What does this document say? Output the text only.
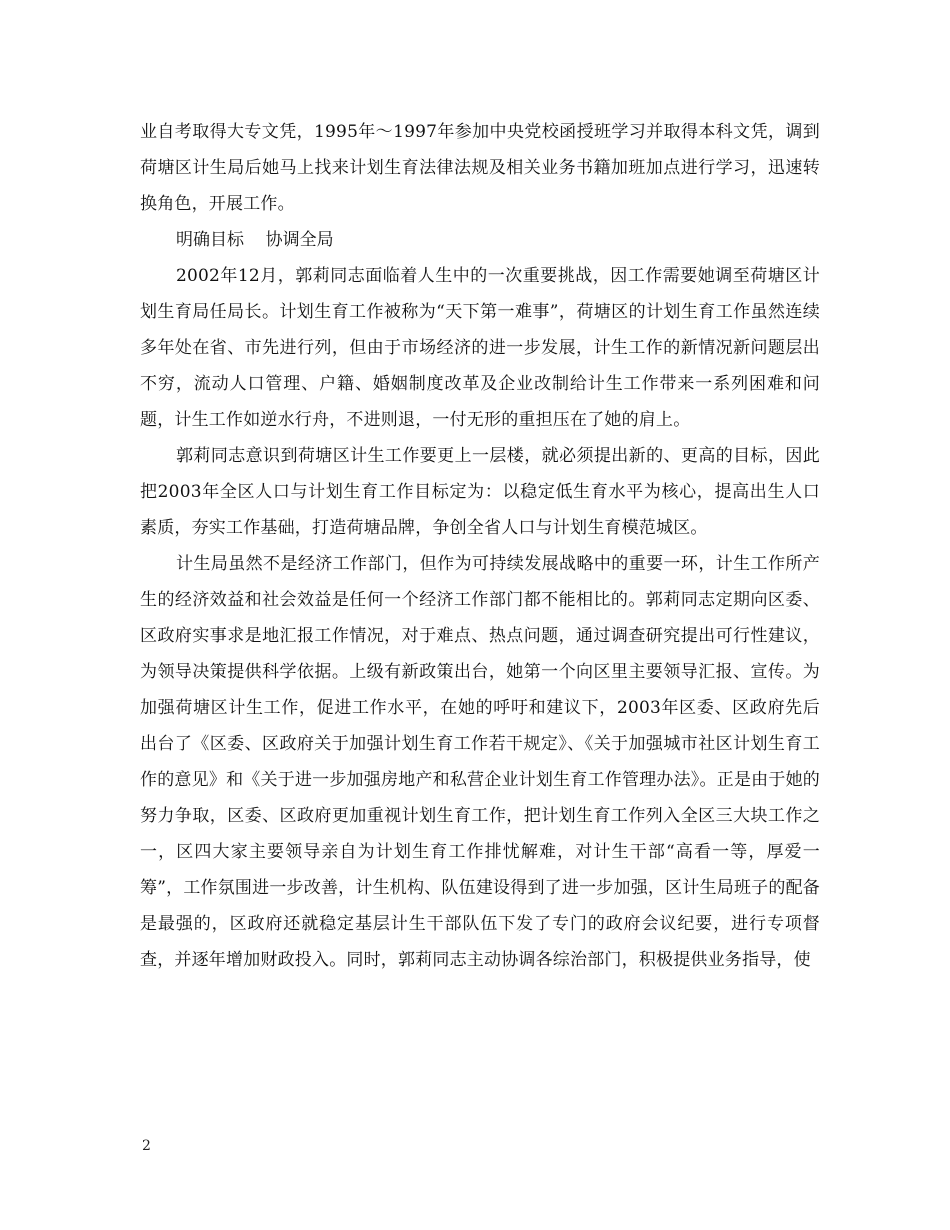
业自考取得大专文凭，1995年～1997年参加中央党校函授班学习并取得本科文凭，调到荷塘区计生局后她马上找来计划生育法律法规及相关业务书籍加班加点进行学习，迅速转换角色，开展工作。

明确目标    协调全局

2002年12月，郭莉同志面临着人生中的一次重要挑战，因工作需要她调至荷塘区计划生育局任局长。计划生育工作被称为“天下第一难事”，荷塘区的计划生育工作虽然连续多年处在省、市先进行列，但由于市场经济的进一步发展，计生工作的新情况新问题层出不穷，流动人口管理、户籍、婚姻制度改革及企业改制给计生工作带来一系列困难和问题，计生工作如逆水行舟，不进则退，一付无形的重担压在了她的肩上。

郭莉同志意识到荷塘区计生工作要更上一层楼，就必须提出新的、更高的目标，因此把2003年全区人口与计划生育工作目标定为：以稳定低生育水平为核心，提高出生人口素质，夯实工作基础，打造荷塘品牌，争创全省人口与计划生育模范城区。

计生局虽然不是经济工作部门，但作为可持续发展战略中的重要一环，计生工作所产生的经济效益和社会效益是任何一个经济工作部门都不能相比的。郭莉同志定期向区委、区政府实事求是地汇报工作情况，对于难点、热点问题，通过调查研究提出可行性建议，为领导决策提供科学依据。上级有新政策出台，她第一个向区里主要领导汇报、宣传。为加强荷塘区计生工作，促进工作水平，在她的呼吁和建议下，2003年区委、区政府先后出台了《区委、区政府关于加强计划生育工作若干规定》、《关于加强城市社区计划生育工作的意见》和《关于进一步加强房地产和私营企业计划生育工作管理办法》。正是由于她的努力争取，区委、区政府更加重视计划生育工作，把计划生育工作列入全区三大块工作之一，区四大家主要领导亲自为计划生育工作排忧解难，对计生干部“高看一等，厚爱一筹”，工作氛围进一步改善，计生机构、队伍建设得到了进一步加强，区计生局班子的配备是最强的，区政府还就稳定基层计生干部队伍下发了专门的政府会议纪要，进行专项督查，并逐年增加财政投入。同时，郭莉同志主动协调各综治部门，积极提供业务指导，使

2
